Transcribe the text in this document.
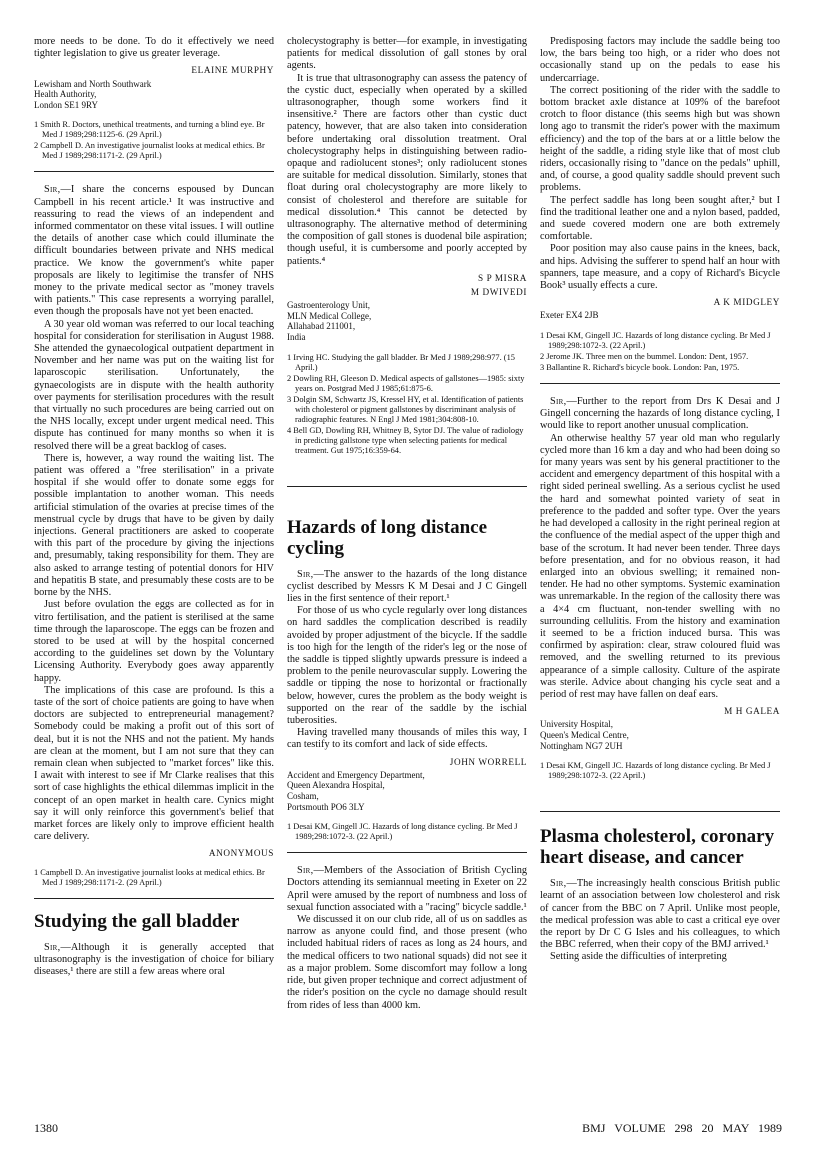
more needs to be done. To do it effectively we need tighter legislation to give us greater leverage.

ELAINE MURPHY
Lewisham and North Southwark
Health Authority,
London SE1 9RY
1 Smith R. Doctors, unethical treatments, and turning a blind eye. Br Med J 1989;298:1125-6. (29 April.)
2 Campbell D. An investigative journalist looks at medical ethics. Br Med J 1989;298:1171-2. (29 April.)

Sir,—I share the concerns espoused by Duncan Campbell in his recent article.¹ It was instructive and reassuring to read the views of an independent and informed commentator on these vital issues. I will outline the details of another case which could illuminate the difficult boundaries between private and NHS medical practice. We know the government's white paper proposals are likely to legitimise the transfer of NHS money to the private medical sector as "money travels with patients." This case represents a worrying parallel, even though the proposals have not yet been enacted.

A 30 year old woman was referred to our local teaching hospital for consideration for sterilisation in August 1988. She attended the gynaecological outpatient department in November and her name was put on the waiting list for laparoscopic sterilisation. Unfortunately, the gynaecologists are in dispute with the health authority over payments for sterilisation procedures with the result that virtually no such procedures are being carried out on the NHS locally, except under urgent medical need. This dispute has continued for many months so when it is resolved there will be a great backlog of cases.

There is, however, a way round the waiting list. The patient was offered a "free sterilisation" in a private hospital if she would offer to donate some eggs for possible implantation to another woman. This needs artificial stimulation of the ovaries at precise times of the menstrual cycle by drugs that have to be given by daily injections. General practitioners are asked to cooperate with this part of the procedure by giving the injections and, presumably, taking responsibility for them. They are also asked to arrange testing of potential donors for HIV and hepatitis B state, and presumably these costs are to be borne by the NHS.

Just before ovulation the eggs are collected as for in vitro fertilisation, and the patient is sterilised at the same time through the laparoscope. The eggs can be frozen and stored to be used at will by the hospital concerned according to the guidelines set down by the Voluntary Licensing Authority. Everybody goes away apparently happy.

The implications of this case are profound. Is this a taste of the sort of choice patients are going to have when doctors are subjected to entrepreneurial management? Somebody could be making a profit out of this sort of deal, but it is not the NHS and not the patient. My hands are clean at the moment, but I am not sure that they can remain clean when subjected to "market forces" like this. I await with interest to see if Mr Clarke realises that this sort of case highlights the ethical dilemmas implicit in the concept of an open market in health care. Cynics might say it will only reinforce this government's belief that market forces are likely only to improve efficient health care delivery.

ANONYMOUS
1 Campbell D. An investigative journalist looks at medical ethics. Br Med J 1989;298:1171-2. (29 April.)
Studying the gall bladder

Sir,—Although it is generally accepted that ultrasonography is the investigation of choice for biliary diseases,¹ there are still a few areas where oral

cholecystography is better—for example, in investigating patients for medical dissolution of gall stones by oral agents.

It is true that ultrasonography can assess the patency of the cystic duct, especially when operated by a skilled ultrasonographer, though some workers find it insensitive.² There are factors other than cystic duct patency, however, that are also taken into consideration before undertaking oral dissolution treatment. Oral cholecystography helps in distinguishing between radio-opaque and radiolucent stones³; only radiolucent stones are suitable for medical dissolution. Similarly, stones that float during oral cholecystography are more likely to consist of cholesterol and therefore are suitable for medical dissolution.⁴ This cannot be detected by ultrasonography. The alternative method of determining the composition of gall stones is duodenal bile aspiration; though useful, it is cumbersome and poorly accepted by patients.⁴

S P MISRA
M DWIVEDI
Gastroenterology Unit,
MLN Medical College,
Allahabad 211001,
India
1 Irving HC. Studying the gall bladder. Br Med J 1989;298:977. (15 April.)
2 Dowling RH, Gleeson D. Medical aspects of gallstones—1985: sixty years on. Postgrad Med J 1985;61:875-6.
3 Dolgin SM, Schwartz JS, Kressel HY, et al. Identification of patients with cholesterol or pigment gallstones by discriminant analysis of radiographic features. N Engl J Med 1981;304:808-10.
4 Bell GD, Dowling RH, Whitney B, Sytor DJ. The value of radiology in predicting gallstone type when selecting patients for medical treatment. Gut 1975;16:359-64.
Hazards of long distance cycling

Sir,—The answer to the hazards of the long distance cyclist described by Messrs K M Desai and J C Gingell lies in the first sentence of their report.¹

For those of us who cycle regularly over long distances on hard saddles the complication described is readily avoided by proper adjustment of the bicycle. If the saddle is too high for the length of the rider's leg or the nose of the saddle is tipped slightly upwards pressure is indeed a problem to the penile neurovascular supply. Lowering the saddle or tipping the nose to horizontal or fractionally below, however, cures the problem as the body weight is supported on the rear of the saddle by the ischial tuberosities.

Having travelled many thousands of miles this way, I can testify to its comfort and lack of side effects.

JOHN WORRELL
Accident and Emergency Department,
Queen Alexandra Hospital,
Cosham,
Portsmouth PO6 3LY
1 Desai KM, Gingell JC. Hazards of long distance cycling. Br Med J 1989;298:1072-3. (22 April.)

Sir,—Members of the Association of British Cycling Doctors attending its semiannual meeting in Exeter on 22 April were amused by the report of numbness and loss of sexual function associated with a "racing" bicycle saddle.¹

We discussed it on our club ride, all of us on saddles as narrow as anyone could find, and those present (who included habitual riders of races as long as 24 hours, and the medical officers to two national squads) did not see it as a major problem. Some discomfort may follow a long ride, but given proper technique and correct adjustment of the rider's position on the cycle no damage should result from rides of less than 4000 km.

Predisposing factors may include the saddle being too low, the bars being too high, or a rider who does not occasionally stand up on the pedals to ease his undercarriage.

The correct positioning of the rider with the saddle to bottom bracket axle distance at 109% of the barefoot crotch to floor distance (this seems high but was shown long ago to transmit the rider's power with the maximum efficiency) and the top of the bars at or a little below the height of the saddle, a riding style like that of most club riders, occasionally rising to "dance on the pedals" uphill, and, of course, a good quality saddle should prevent such problems.

The perfect saddle has long been sought after,² but I find the traditional leather one and a nylon based, padded, and suede covered modern one are both extremely comfortable.

Poor position may also cause pains in the knees, back, and hips. Advising the sufferer to spend half an hour with spanners, tape measure, and a copy of Richard's Bicycle Book³ usually effects a cure.

A K MIDGLEY
Exeter EX4 2JB
1 Desai KM, Gingell JC. Hazards of long distance cycling. Br Med J 1989;298:1072-3. (22 April.)
2 Jerome JK. Three men on the bummel. London: Dent, 1957.
3 Ballantine R. Richard's bicycle book. London: Pan, 1975.

Sir,—Further to the report from Drs K Desai and J Gingell concerning the hazards of long distance cycling, I would like to report another unusual complication.

An otherwise healthy 57 year old man who regularly cycled more than 16 km a day and who had been doing so for many years was sent by his general practitioner to the accident and emergency department of this hospital with a right sided perineal swelling. As a serious cyclist he used the hard and somewhat pointed variety of seat in preference to the padded and softer type. Over the years he had developed a callosity in the right perineal region at the confluence of the medial aspect of the upper thigh and base of the scrotum. It had never been tender. Three days before presentation, and for no obvious reason, it had enlarged into an obvious swelling; it remained non-tender. He had no other symptoms. Systemic examination was unremarkable. In the region of the callosity there was a 4×4 cm fluctuant, non-tender swelling with no surrounding cellulitis. From the history and examination it seemed to be a friction induced bursa. This was confirmed by aspiration: clear, straw coloured fluid was removed, and the swelling returned to its previous appearance of a simple callosity. Culture of the aspirate was sterile. Advice about changing his cycle seat and a period of rest may have fallen on deaf ears.

M H GALEA
University Hospital,
Queen's Medical Centre,
Nottingham NG7 2UH
1 Desai KM, Gingell JC. Hazards of long distance cycling. Br Med J 1989;298:1072-3. (22 April.)
Plasma cholesterol, coronary heart disease, and cancer

Sir,—The increasingly health conscious British public learnt of an association between low cholesterol and risk of cancer from the BBC on 7 April. Unlike most people, the medical profession was able to cast a critical eye over the report by Dr C G Isles and his colleagues, to which the BBC referred, when their copy of the BMJ arrived.¹

Setting aside the difficulties of interpreting

1380	BMJ VOLUME 298 20 MAY 1989
